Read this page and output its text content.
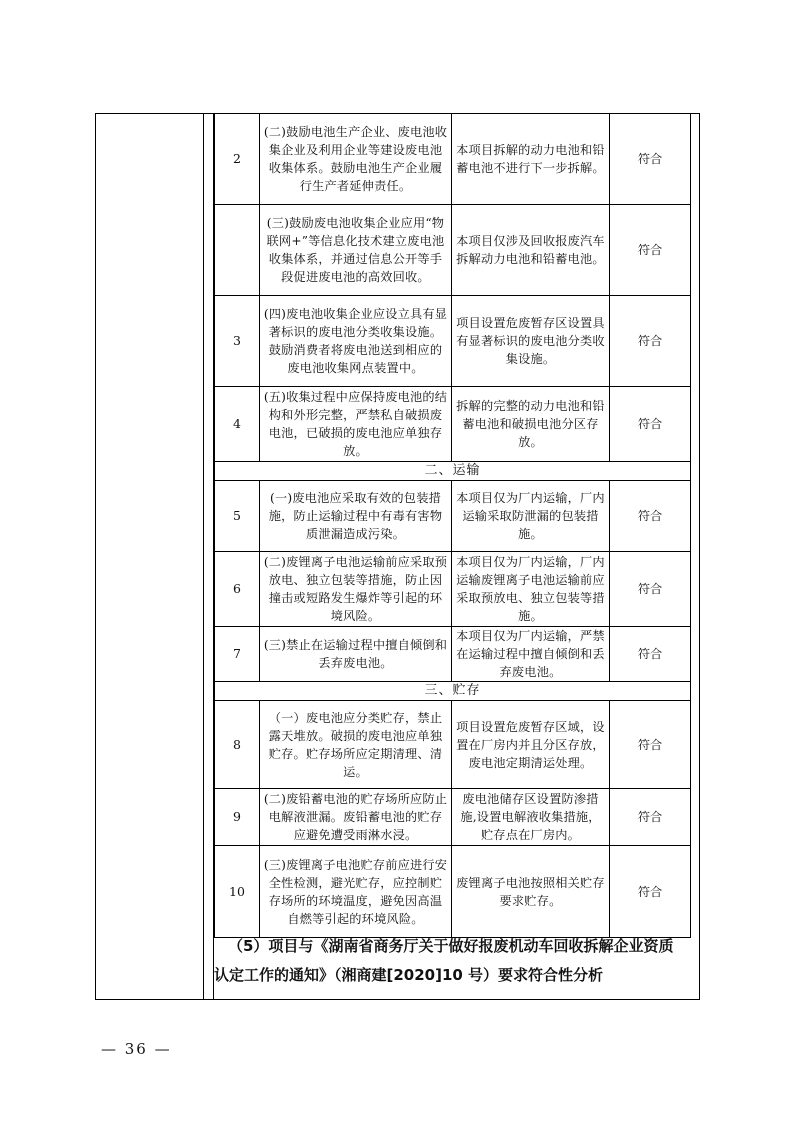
2	(二)鼓励电池生产企业、废电池收集企业及利用企业等建设废电池收集体系。鼓励电池生产企业履行生产者延伸责任。	本项目拆解的动力电池和铅蓄电池不进行下一步拆解。	符合
	(三)鼓励废电池收集企业应用“物联网+”等信息化技术建立废电池收集体系，并通过信息公开等手段促进废电池的高效回收。	本项目仅涉及回收报废汽车拆解动力电池和铅蓄电池。	符合
3	(四)废电池收集企业应设立具有显著标识的废电池分类收集设施。鼓励消费者将废电池送到相应的废电池收集网点装置中。	项目设置危废暂存区设置具有显著标识的废电池分类收集设施。	符合
4	(五)收集过程中应保持废电池的结构和外形完整，严禁私自破损废电池，已破损的废电池应单独存放。	拆解的完整的动力电池和铅蓄电池和破损电池分区存放。	符合
二、运输			
5	(一)废电池应采取有效的包装措施，防止运输过程中有毒有害物质泄漏造成污染。	本项目仅为厂内运输，厂内运输采取防泄漏的包装措施。	符合
6	(二)废锂离子电池运输前应采取预放电、独立包装等措施，防止因撞击或短路发生爆炸等引起的环境风险。	本项目仅为厂内运输，厂内运输废锂离子电池运输前应采取预放电、独立包装等措施。	符合
7	(三)禁止在运输过程中擅自倾倒和丢弃废电池。	本项目仅为厂内运输，严禁在运输过程中擅自倾倒和丢弃废电池。	符合
三、贮存			
8	（一）废电池应分类贮存，禁止露天堆放。破损的废电池应单独贮存。贮存场所应定期清理、清运。	项目设置危废暂存区域，设置在厂房内并且分区存放，废电池定期清运处理。	符合
9	(二)废铅蓄电池的贮存场所应防止电解液泄漏。废铅蓄电池的贮存应避免遭受雨淋水浸。	废电池储存区设置防渗措施,设置电解液收集措施，贮存点在厂房内。	符合
10	(三)废锂离子电池贮存前应进行安全性检测，避光贮存，应控制贮存场所的环境温度，避免因高温自燃等引起的环境风险。	废锂离子电池按照相关贮存要求贮存。	符合
（5）项目与《湖南省商务厅关于做好报废机动车回收拆解企业资质
认定工作的通知》（湘商建[2020]10 号）要求符合性分析
— 36 —
